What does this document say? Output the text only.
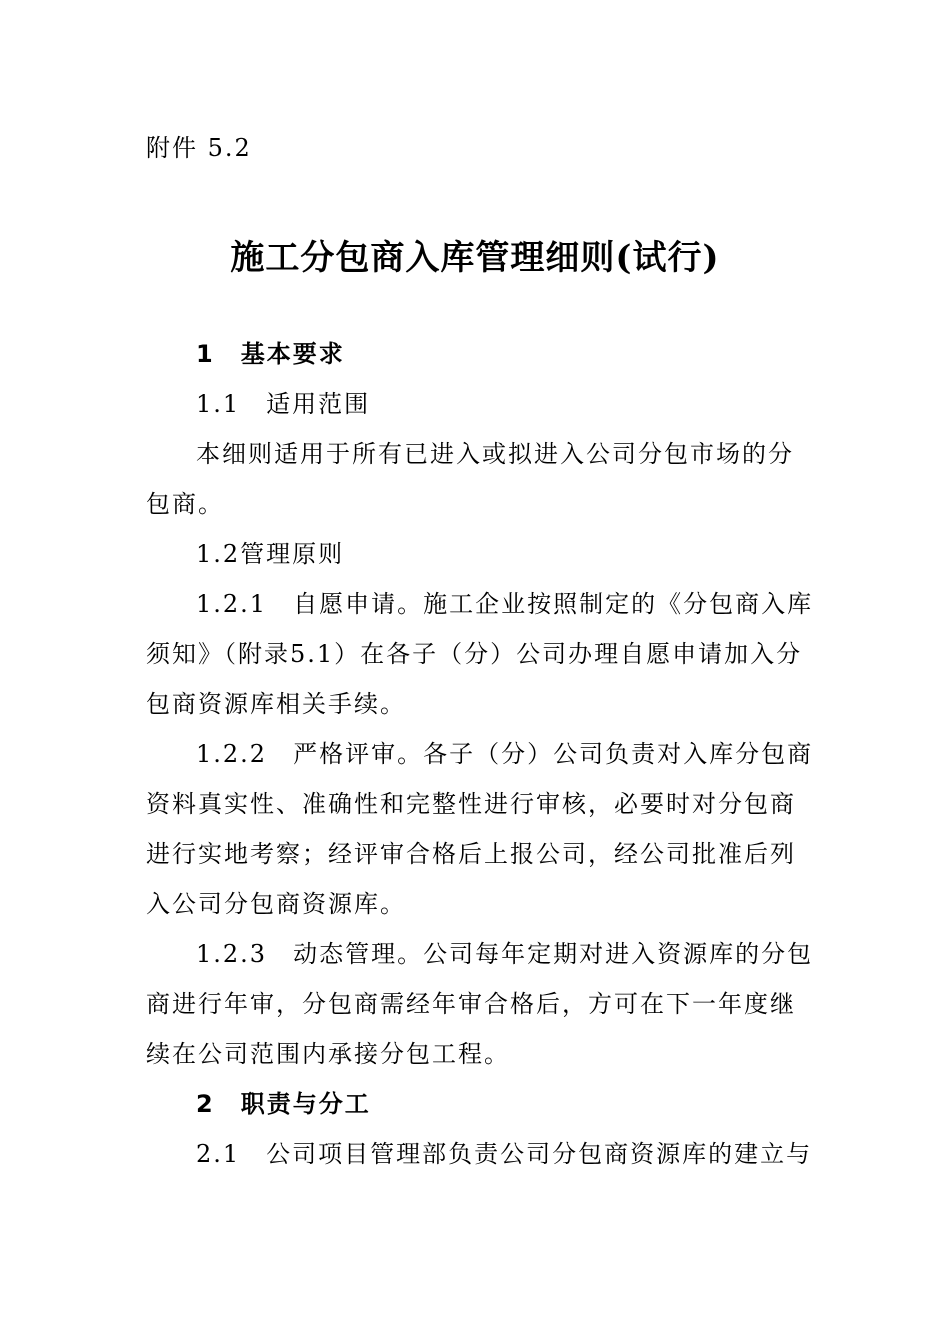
附件 5.2
施工分包商入库管理细则(试行)
1　基本要求
1.1　适用范围
本细则适用于所有已进入或拟进入公司分包市场的分
包商。
1.2管理原则
1.2.1　自愿申请。施工企业按照制定的《分包商入库
须知》（附录5.1）在各子（分）公司办理自愿申请加入分
包商资源库相关手续。
1.2.2　严格评审。各子（分）公司负责对入库分包商
资料真实性、准确性和完整性进行审核，必要时对分包商
进行实地考察；经评审合格后上报公司，经公司批准后列
入公司分包商资源库。
1.2.3　动态管理。公司每年定期对进入资源库的分包
商进行年审，分包商需经年审合格后，方可在下一年度继
续在公司范围内承接分包工程。
2　职责与分工
2.1　公司项目管理部负责公司分包商资源库的建立与
